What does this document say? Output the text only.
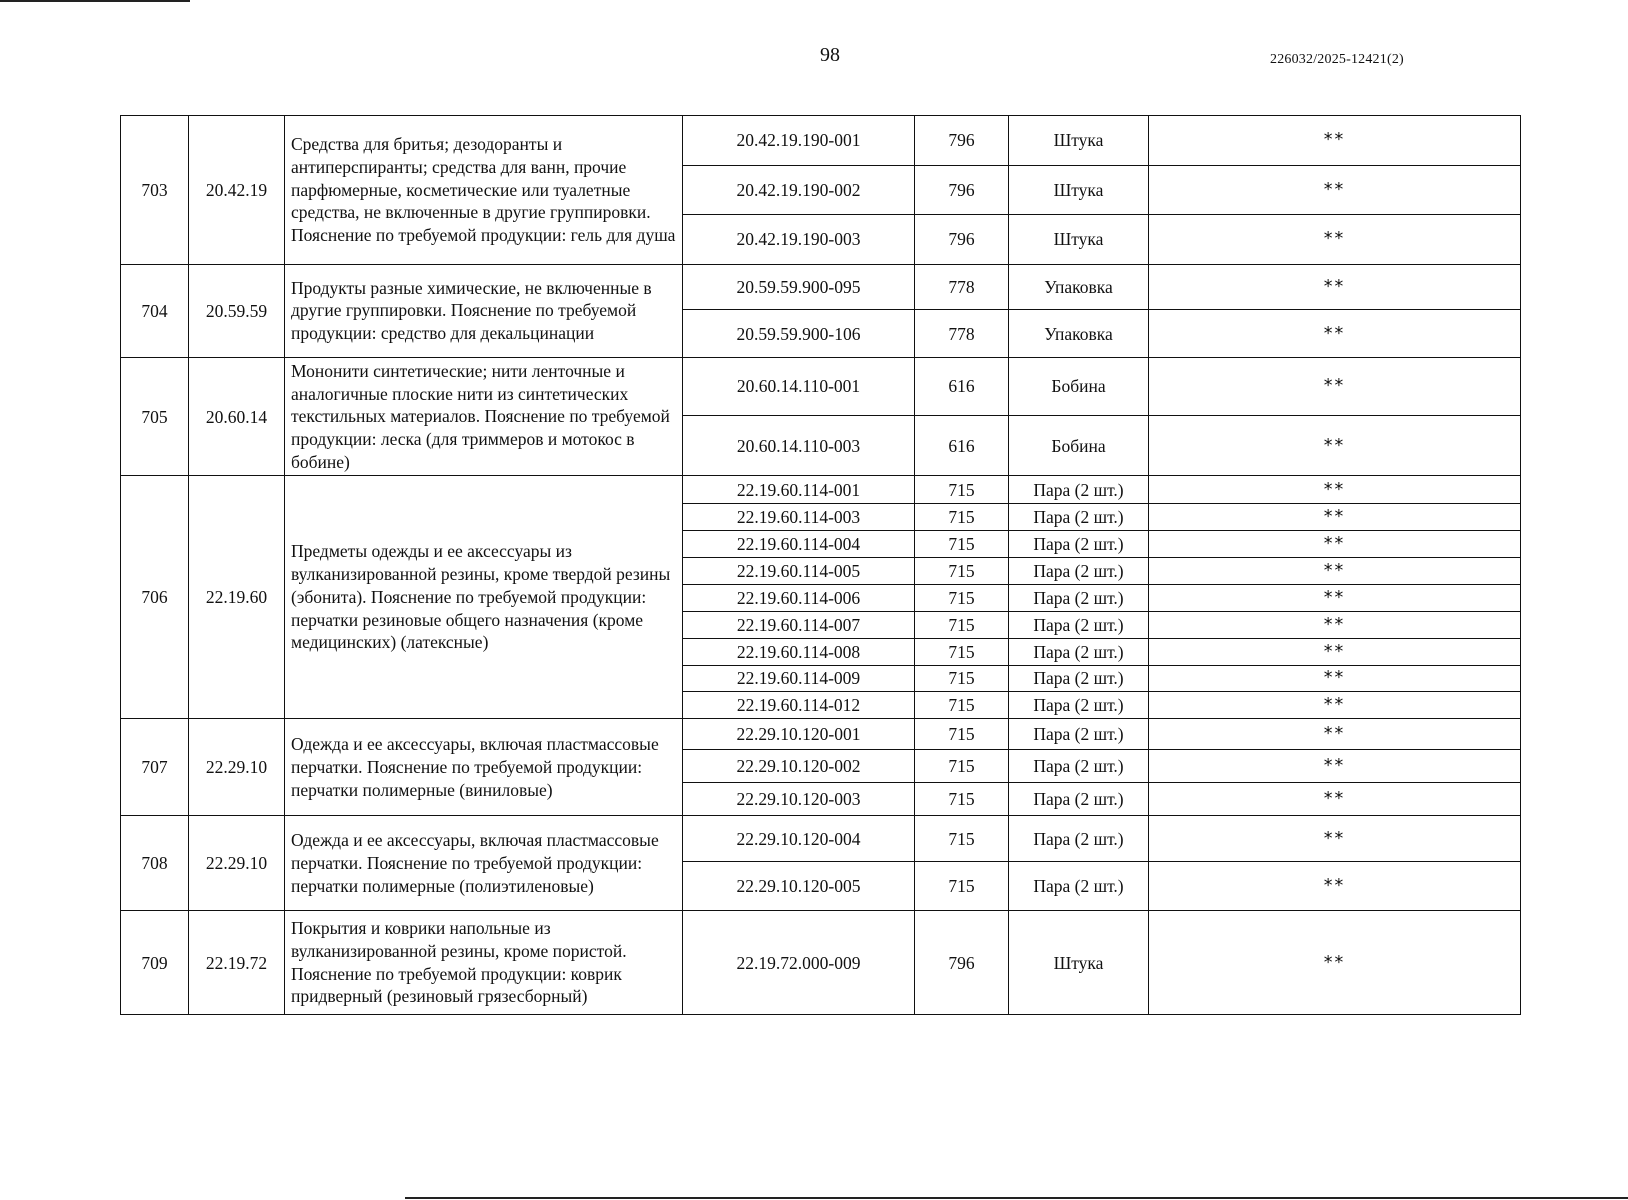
98	226032/2025-12421(2)
703	20.42.19	Средства для бритья; дезодоранты и антиперспиранты; средства для ванн, прочие парфюмерные, косметические или туалетные средства, не включенные в другие группировки. Пояснение по требуемой продукции: гель для душа	20.42.19.190-001	796	Штука	**
			20.42.19.190-002	796	Штука	**
			20.42.19.190-003	796	Штука	**
704	20.59.59	Продукты разные химические, не включенные в другие группировки. Пояснение по требуемой продукции: средство для декальцинации	20.59.59.900-095	778	Упаковка	**
			20.59.59.900-106	778	Упаковка	**
705	20.60.14	Мононити синтетические; нити ленточные и аналогичные плоские нити из синтетических текстильных материалов. Пояснение по требуемой продукции: леска (для триммеров и мотокос в бобине)	20.60.14.110-001	616	Бобина	**
			20.60.14.110-003	616	Бобина	**
706	22.19.60	Предметы одежды и ее аксессуары из вулканизированной резины, кроме твердой резины (эбонита). Пояснение по требуемой продукции: перчатки резиновые общего назначения (кроме медицинских) (латексные)	22.19.60.114-001	715	Пара (2 шт.)	**
			22.19.60.114-003	715	Пара (2 шт.)	**
			22.19.60.114-004	715	Пара (2 шт.)	**
			22.19.60.114-005	715	Пара (2 шт.)	**
			22.19.60.114-006	715	Пара (2 шт.)	**
			22.19.60.114-007	715	Пара (2 шт.)	**
			22.19.60.114-008	715	Пара (2 шт.)	**
			22.19.60.114-009	715	Пара (2 шт.)	**
			22.19.60.114-012	715	Пара (2 шт.)	**
707	22.29.10	Одежда и ее аксессуары, включая пластмассовые перчатки. Пояснение по требуемой продукции: перчатки полимерные (виниловые)	22.29.10.120-001	715	Пара (2 шт.)	**
			22.29.10.120-002	715	Пара (2 шт.)	**
			22.29.10.120-003	715	Пара (2 шт.)	**
708	22.29.10	Одежда и ее аксессуары, включая пластмассовые перчатки. Пояснение по требуемой продукции: перчатки полимерные (полиэтиленовые)	22.29.10.120-004	715	Пара (2 шт.)	**
			22.29.10.120-005	715	Пара (2 шт.)	**
709	22.19.72	Покрытия и коврики напольные из вулканизированной резины, кроме пористой. Пояснение по требуемой продукции: коврик придверный (резиновый грязесборный)	22.19.72.000-009	796	Штука	**
